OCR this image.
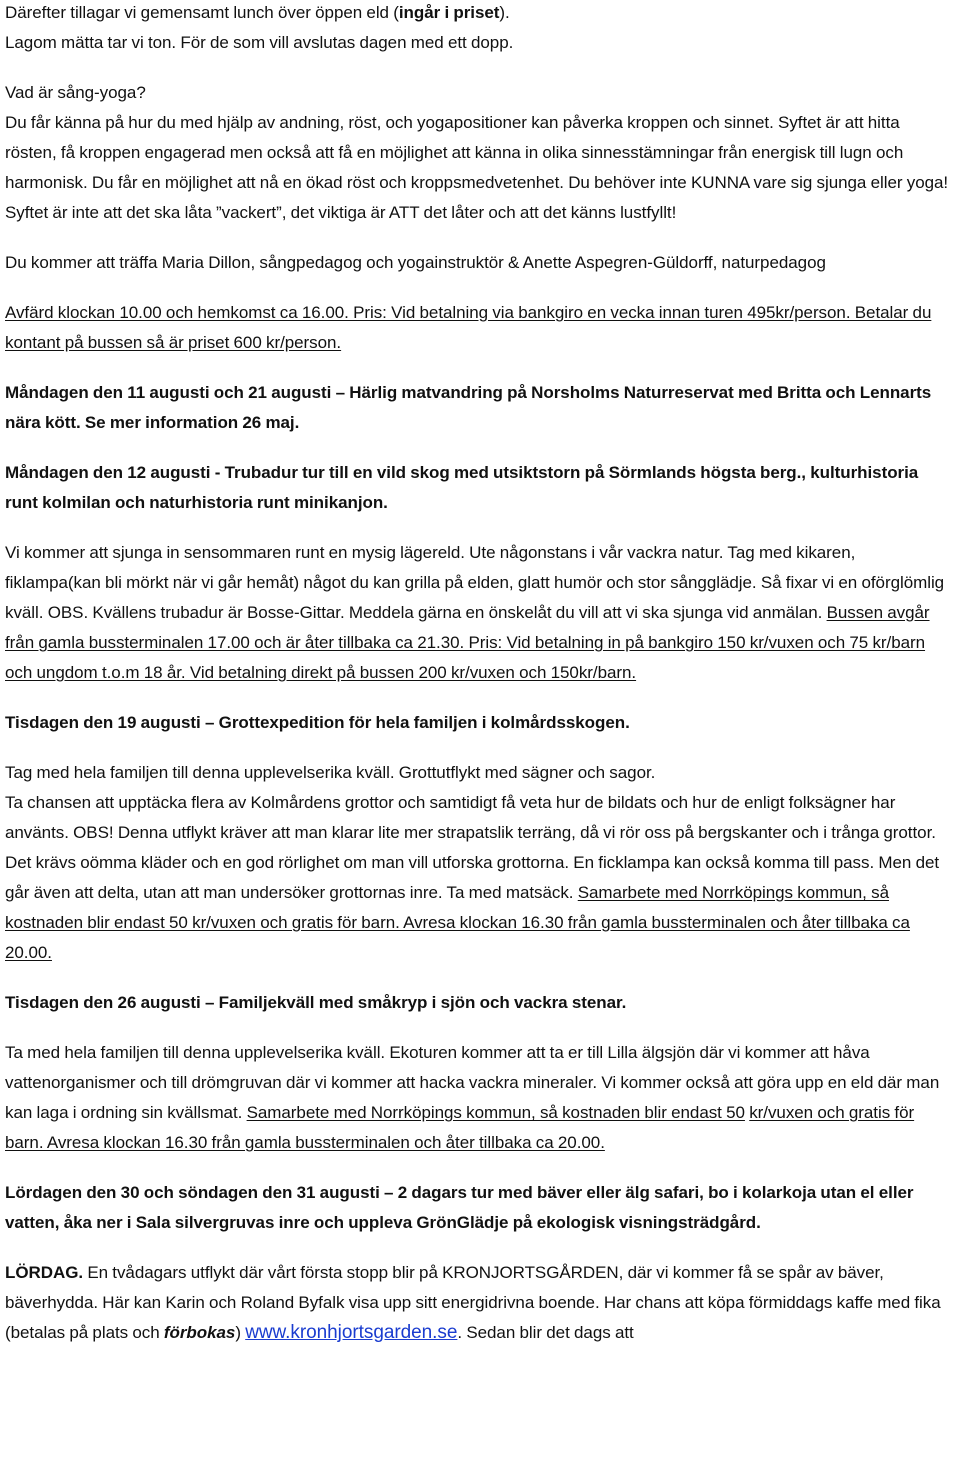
Därefter tillagar vi gemensamt lunch över öppen eld (ingår i priset).
Lagom mätta tar vi ton. För de som vill avslutas dagen med ett dopp.

Vad är sång-yoga?
Du får känna på hur du med hjälp av andning, röst, och yogapositioner kan påverka kroppen och sinnet. Syftet är att hitta rösten, få kroppen engagerad men också att få en möjlighet att känna in olika sinnesstämningar från energisk till lugn och harmonisk. Du får en möjlighet att nå en ökad röst och kroppsmedvetenhet. Du behöver inte KUNNA vare sig sjunga eller yoga! Syftet är inte att det ska låta ”vackert”, det viktiga är ATT det låter och att det känns lustfyllt!

Du kommer att träffa Maria Dillon, sångpedagog och yogainstruktör & Anette Aspegren-Güldorff, naturpedagog

Avfärd klockan 10.00 och hemkomst ca 16.00. Pris: Vid betalning via bankgiro en vecka innan turen 495kr/person. Betalar du kontant på bussen så är priset 600 kr/person.

Måndagen den 11 augusti och 21 augusti – Härlig matvandring på Norsholms Naturreservat med Britta och Lennarts nära kött. Se mer information 26 maj.

Måndagen den 12 augusti - Trubadur tur till en vild skog med utsiktstorn på Sörmlands högsta berg., kulturhistoria runt kolmilan och naturhistoria runt minikanjon.

Vi kommer att sjunga in sensommaren runt en mysig lägereld. Ute någonstans i vår vackra natur. Tag med kikaren, fiklampa(kan bli mörkt när vi går hemåt) något du kan grilla på elden, glatt humör och stor sångglädje. Så fixar vi en oförglömlig kväll. OBS. Kvällens trubadur är Bosse-Gittar. Meddela gärna en önskelåt du vill att vi ska sjunga vid anmälan. Bussen avgår från gamla bussterminalen 17.00 och är åter tillbaka ca 21.30. Pris: Vid betalning in på bankgiro 150 kr/vuxen och 75 kr/barn och ungdom t.o.m 18 år. Vid betalning direkt på bussen 200 kr/vuxen och 150kr/barn.

Tisdagen den 19 augusti – Grottexpedition för hela familjen i kolmårdsskogen.

Tag med hela familjen till denna upplevelserika kväll. Grottutflykt med sägner och sagor.
Ta chansen att upptäcka flera av Kolmårdens grottor och samtidigt få veta hur de bildats och hur de enligt folksägner har använts. OBS! Denna utflykt kräver att man klarar lite mer strapatslik terräng, då vi rör oss på bergskanter och i trånga grottor. Det krävs oömma kläder och en god rörlighet om man vill utforska grottorna. En ficklampa kan också komma till pass. Men det går även att delta, utan att man undersöker grottornas inre. Ta med matsäck. Samarbete med Norrköpings kommun, så kostnaden blir endast 50 kr/vuxen och gratis för barn. Avresa klockan 16.30 från gamla bussterminalen och åter tillbaka ca 20.00.

Tisdagen den 26 augusti – Familjekväll med småkryp i sjön och vackra stenar.

Ta med hela familjen till denna upplevelserika kväll. Ekoturen kommer att ta er till Lilla älgsjön där vi kommer att håva vattenorganismer och till drömgruvan där vi kommer att hacka vackra mineraler. Vi kommer också att göra upp en eld där man kan laga i ordning sin kvällsmat. Samarbete med Norrköpings kommun, så kostnaden blir endast 50 kr/vuxen och gratis för barn. Avresa klockan 16.30 från gamla bussterminalen och åter tillbaka ca 20.00.

Lördagen den 30 och söndagen den 31 augusti – 2 dagars tur med bäver eller älg safari, bo i kolarkoja utan el eller vatten, åka ner i Sala silvergruvas inre och uppleva GrönGlädje på ekologisk visningsträdgård.

LÖRDAG. En tvådagars utflykt där vårt första stopp blir på KRONJORTSGÅRDEN, där vi kommer få se spår av bäver, bäverhydda. Här kan Karin och Roland Byfalk visa upp sitt energidrivna boende. Har chans att köpa förmiddags kaffe med fika (betalas på plats och förbokas) www.kronhjortsgarden.se. Sedan blir det dags att
